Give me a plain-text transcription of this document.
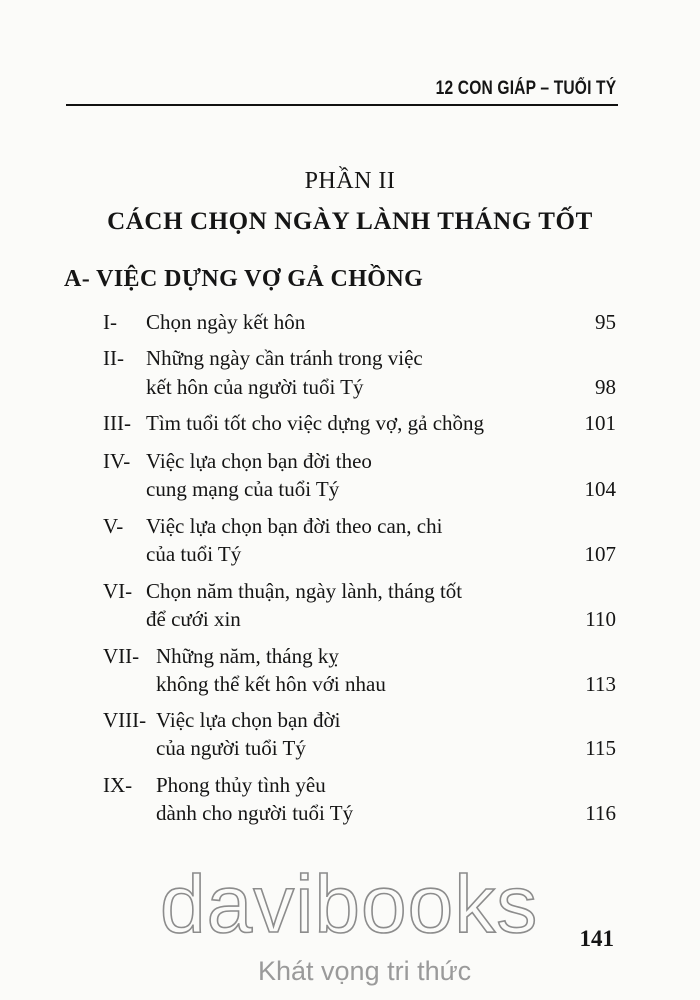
12 CON GIÁP – TUỔI TÝ
PHẦN II
CÁCH CHỌN NGÀY LÀNH THÁNG TỐT
A- VIỆC DỰNG VỢ GẢ CHỒNG
I- Chọn ngày kết hôn	95
II- Những ngày cần tránh trong việc
kết hôn của người tuổi Tý	98
III- Tìm tuổi tốt cho việc dựng vợ, gả chồng	101
IV- Việc lựa chọn bạn đời theo
cung mạng của tuổi Tý	104
V- Việc lựa chọn bạn đời theo can, chi
của tuổi Tý	107
VI- Chọn năm thuận, ngày lành, tháng tốt
để cưới xin	110
VII- Những năm, tháng kỵ
không thể kết hôn với nhau	113
VIII- Việc lựa chọn bạn đời
của người tuổi Tý	115
IX- Phong thủy tình yêu
dành cho người tuổi Tý	116
davibooks
Khát vọng tri thức
141
